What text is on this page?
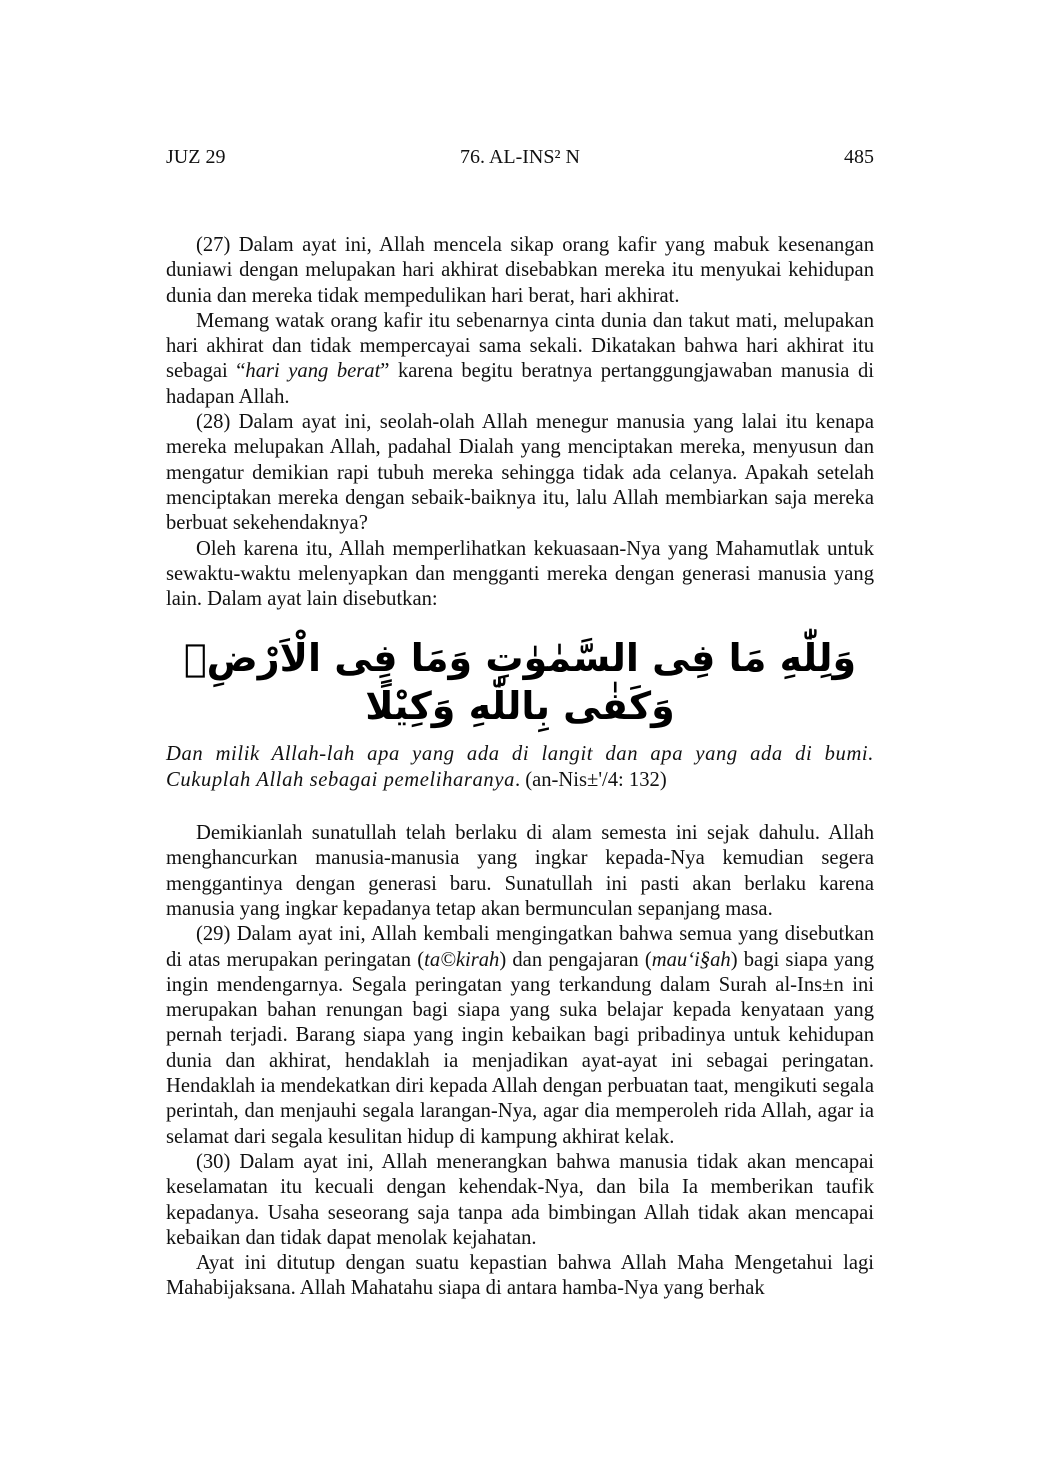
JUZ 29	76. AL-INS² N	485

(27) Dalam ayat ini, Allah mencela sikap orang kafir yang mabuk kesenangan duniawi dengan melupakan hari akhirat disebabkan mereka itu menyukai kehidupan dunia dan mereka tidak mempedulikan hari berat, hari akhirat.

Memang watak orang kafir itu sebenarnya cinta dunia dan takut mati, melupakan hari akhirat dan tidak mempercayai sama sekali. Dikatakan bahwa hari akhirat itu sebagai “hari yang berat” karena begitu beratnya pertanggungjawaban manusia di hadapan Allah.

(28) Dalam ayat ini, seolah-olah Allah menegur manusia yang lalai itu kenapa mereka melupakan Allah, padahal Dialah yang menciptakan mereka, menyusun dan mengatur demikian rapi tubuh mereka sehingga tidak ada celanya. Apakah setelah menciptakan mereka dengan sebaik-baiknya itu, lalu Allah membiarkan saja mereka berbuat sekehendaknya?

Oleh karena itu, Allah memperlihatkan kekuasaan-Nya yang Mahamutlak untuk sewaktu-waktu melenyapkan dan mengganti mereka dengan generasi manusia yang lain. Dalam ayat lain disebutkan:

وَلِلّٰهِ مَا فِى السَّمٰوٰتِ وَمَا فِى الْاَرْضِۗ وَكَفٰى بِاللّٰهِ وَكِيْلًا

Dan milik Allah-lah apa yang ada di langit dan apa yang ada di bumi. Cukuplah Allah sebagai pemeliharanya. (an-Nis±'/4: 132)

Demikianlah sunatullah telah berlaku di alam semesta ini sejak dahulu. Allah menghancurkan manusia-manusia yang ingkar kepada-Nya kemudian segera menggantinya dengan generasi baru. Sunatullah ini pasti akan berlaku karena manusia yang ingkar kepadanya tetap akan bermunculan sepanjang masa.

(29) Dalam ayat ini, Allah kembali mengingatkan bahwa semua yang disebutkan di atas merupakan peringatan (ta©kirah) dan pengajaran (mau‘i§ah) bagi siapa yang ingin mendengarnya. Segala peringatan yang terkandung dalam Surah al-Ins±n ini merupakan bahan renungan bagi siapa yang suka belajar kepada kenyataan yang pernah terjadi. Barang siapa yang ingin kebaikan bagi pribadinya untuk kehidupan dunia dan akhirat, hendaklah ia menjadikan ayat-ayat ini sebagai peringatan. Hendaklah ia mendekatkan diri kepada Allah dengan perbuatan taat, mengikuti segala perintah, dan menjauhi segala larangan-Nya, agar dia memperoleh rida Allah, agar ia selamat dari segala kesulitan hidup di kampung akhirat kelak.

(30) Dalam ayat ini, Allah menerangkan bahwa manusia tidak akan mencapai keselamatan itu kecuali dengan kehendak-Nya, dan bila Ia memberikan taufik kepadanya. Usaha seseorang saja tanpa ada bimbingan Allah tidak akan mencapai kebaikan dan tidak dapat menolak kejahatan.

Ayat ini ditutup dengan suatu kepastian bahwa Allah Maha Mengetahui lagi Mahabijaksana. Allah Mahatahu siapa di antara hamba-Nya yang berhak
